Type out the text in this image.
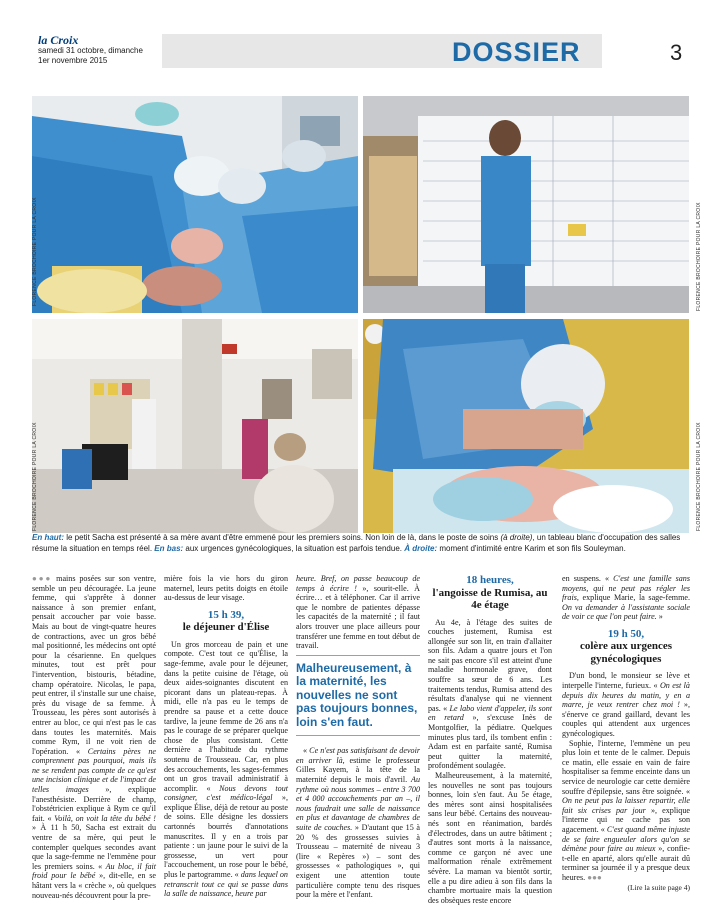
la Croix
samedi 31 octobre, dimanche
1er novembre 2015	DOSSIER	3
FLORENCE BROCHOIRE POUR LA CROIX	FLORENCE BROCHOIRE POUR LA CROIX
FLORENCE BROCHOIRE POUR LA CROIX	FLORENCE BROCHOIRE POUR LA CROIX
En haut: le petit Sacha est présenté à sa mère avant d'être emmené pour les premiers soins. Non loin de là, dans le poste de soins (à droite), un tableau blanc d'occupation des salles résume la situation en temps réel. En bas: aux urgences gynécologiques, la situation est parfois tendue. À droite: moment d'intimité entre Karim et son fils Souleyman.

●●● mains posées sur son ventre, semble un peu découragée. La jeune femme, qui s'apprête à donner naissance à son premier enfant, pensait accoucher par voie basse. Mais au bout de vingt-quatre heures de contractions, avec un gros bébé mal positionné, les médecins ont opté pour la césarienne. En quelques minutes, tout est prêt pour l'intervention, bistouris, bétadine, champ opératoire. Nicolas, le papa, peut entrer, il s'installe sur une chaise, près du visage de sa femme. À Trousseau, les pères sont autorisés à entrer au bloc, ce qui n'est pas le cas dans toutes les maternités. Mais comme Rym, il ne voit rien de l'opération. « Certains pères ne comprennent pas pourquoi, mais ils ne se rendent pas compte de ce qu'est une incision clinique et de l'impact de telles images », explique l'anesthésiste. Derrière de champ, l'obstétricien explique à Rym ce qu'il fait. « Voilà, on voit la tête du bébé ! » À 11 h 50, Sacha est extrait du ventre de sa mère, qui peut le contempler quelques secondes avant que la sage-femme ne l'emmène pour les premiers soins. « Au bloc, il fait froid pour le bébé », dit-elle, en se hâtant vers la « crèche », où quelques nouveau-nés découvrent pour la pre-

mière fois la vie hors du giron maternel, leurs petits doigts en étoile au-dessus de leur visage.

15 h 39,
le déjeuner d'Élise

Un gros morceau de pain et une compote. C'est tout ce qu'Élise, la sage-femme, avale pour le déjeuner, dans la petite cuisine de l'étage, où deux aides-soignantes discutent en picorant dans un plateau-repas. À midi, elle n'a pas eu le temps de prendre sa pause et a cette douce tardive, la jeune femme de 26 ans n'a pas le courage de se préparer quelque chose de plus consistant. Cette dernière a l'habitude du rythme soutenu de Trousseau. Car, en plus des accouchements, les sages-femmes ont un gros travail administratif à accomplir. « Nous devons tout consigner, c'est médico-légal », explique Élise, déjà de retour au poste de soins. Elle désigne les dossiers cartonnés bourrés d'annotations manuscrites. Il y en a trois par patiente : un jaune pour le suivi de la grossesse, un vert pour l'accouchement, un rose pour le bébé, plus le partogramme. « dans lequel on retranscrit tout ce qui se passe dans la salle de naissance, heure par

heure. Bref, on passe beaucoup de temps à écrire ! », sourit-elle. À écrire… et à téléphoner. Car il arrive que le nombre de patientes dépasse les capacités de la maternité ; il faut alors trouver une place ailleurs pour transférer une femme en tout début de travail.

Malheureusement, à la maternité, les nouvelles ne sont pas toujours bonnes, loin s'en faut.

« Ce n'est pas satisfaisant de devoir en arriver là, estime le professeur Gilles Kayem, à la tête de la maternité depuis le mois d'avril. Au rythme où nous sommes – entre 3 700 et 4 000 accouchements par an –, il nous faudrait une salle de naissance en plus et davantage de chambres de suite de couches. » D'autant que 15 à 20 % des grossesses suivies à Trousseau – maternité de niveau 3 (lire « Repères ») – sont des grossesses « pathologiques », qui exigent une attention toute particulière compte tenu des risques pour la mère et l'enfant.

18 heures,
l'angoisse de Rumisa, au 4e étage

Au 4e, à l'étage des suites de couches justement, Rumisa est allongée sur son lit, en train d'allaiter son fils. Adam a quatre jours et l'on ne sait pas encore s'il est atteint d'une maladie hormonale grave, dont souffre sa sœur de 6 ans. Les traitements tendus, Rumisa attend des résultats d'analyse qui ne viennent pas. « Le labo vient d'appeler, ils sont en retard », s'excuse Inès de Montgolfier, la pédiatre. Quelques minutes plus tard, ils tombent enfin : Adam est en parfaite santé, Rumisa peut quitter la maternité, profondément soulagée.

Malheureusement, à la maternité, les nouvelles ne sont pas toujours bonnes, loin s'en faut. Au 5e étage, des mères sont ainsi hospitalisées sans leur bébé. Certains des nouveau-nés sont en réanimation, bardés d'électrodes, dans un autre bâtiment ; d'autres sont morts à la naissance, comme ce garçon né avec une malformation rénale extrêmement sévère. La maman va bientôt sortir, elle a pu dire adieu à son fils dans la chambre mortuaire mais la question des obsèques reste encore

en suspens. « C'est une famille sans moyens, qui ne peut pas régler les frais, explique Marie, la sage-femme. On va demander à l'assistante sociale de voir ce que l'on peut faire. »

19 h 50,
colère aux urgences gynécologiques

D'un bond, le monsieur se lève et interpelle l'interne, furieux. « On est là depuis dix heures du matin, y en a marre, je veux rentrer chez moi ! », s'énerve ce grand gaillard, devant les couples qui attendent aux urgences gynécologiques.

Sophie, l'interne, l'emmène un peu plus loin et tente de le calmer. Depuis ce matin, elle essaie en vain de faire hospitaliser sa femme enceinte dans un service de neurologie car cette dernière souffre d'épilepsie, sans être soignée. « On ne peut pas la laisser repartir, elle fait six crises par jour », explique l'interne qui ne cache pas son agacement. « C'est quand même injuste de se faire engueuler alors qu'on se démène pour faire au mieux », confie-t-elle en aparté, alors qu'elle aurait dû terminer sa journée il y a presque deux heures. ●●●

(Lire la suite page 4)
